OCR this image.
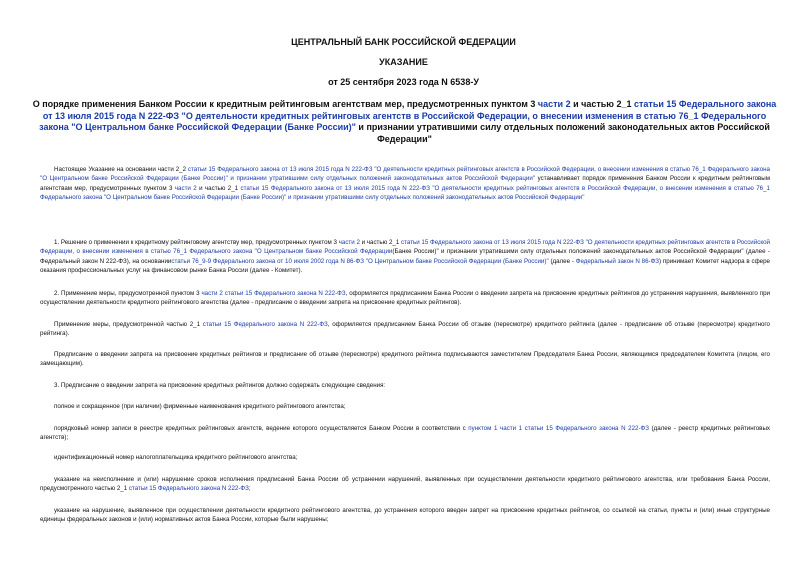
ЦЕНТРАЛЬНЫЙ БАНК РОССИЙСКОЙ ФЕДЕРАЦИИ
УКАЗАНИЕ
от 25 сентября 2023 года N 6538-У
О порядке применения Банком России к кредитным рейтинговым агентствам мер, предусмотренных пунктом 3 части 2 и частью 2_1 статьи 15 Федерального закона от 13 июля 2015 года N 222-ФЗ "О деятельности кредитных рейтинговых агентств в Российской Федерации, о внесении изменения в статью 76_1 Федерального закона "О Центральном банке Российской Федерации (Банке России)" и признании утратившими силу отдельных положений законодательных актов Российской Федерации"

Настоящее Указание на основании части 2_2 статьи 15 Федерального закона от 13 июля 2015 года N 222-ФЗ "О деятельности кредитных рейтинговых агентств в Российской Федерации, о внесении изменения в статью 76_1 Федерального закона "О Центральном банке Российской Федерации (Банке России)" и признании утратившими силу отдельных положений законодательных актов Российской Федерации" устанавливает порядок применения Банком России к кредитным рейтинговым агентствам мер, предусмотренных пунктом 3 части 2 и частью 2_1 статьи 15 Федерального закона от 13 июля 2015 года N 222-ФЗ "О деятельности кредитных рейтинговых агентств в Российской Федерации, о внесении изменения в статью 76_1 Федерального закона "О Центральном банке Российской Федерации (Банке России)" и признании утратившими силу отдельных положений законодательных актов Российской Федерации"

1. Решение о применении к кредитному рейтинговому агентству мер, предусмотренных пунктом 3 части 2 и частью 2_1 статьи 15 Федерального закона от 13 июля 2015 года N 222-ФЗ "О деятельности кредитных рейтинговых агентств в Российской Федерации, о внесении изменения в статью 76_1 Федерального закона "О Центральном банке Российской Федерации(Банке России)" и признании утратившими силу отдельных положений законодательных актов Российской Федерации" (далее - Федеральный закон N 222-ФЗ), на основаниистатьи 76_9-9 Федерального закона от 10 июля 2002 года N 86-ФЗ "О Центральном банке Российской Федерации (Банке России)" (далее - Федеральный закон N 86-ФЗ) принимает Комитет надзора в сфере оказания профессиональных услуг на финансовом рынке Банка России (далее - Комитет).

2. Применение меры, предусмотренной пунктом 3 части 2 статьи 15 Федерального закона N 222-ФЗ, оформляется предписанием Банка России о введении запрета на присвоение кредитных рейтингов до устранения нарушения, выявленного при осуществлении деятельности кредитного рейтингового агентства (далее - предписание о введении запрета на присвоение кредитных рейтингов).

Применение меры, предусмотренной частью 2_1 статьи 15 Федерального закона N 222-ФЗ, оформляется предписанием Банка России об отзыве (пересмотре) кредитного рейтинга (далее - предписание об отзыве (пересмотре) кредитного рейтинга).

Предписание о введении запрета на присвоение кредитных рейтингов и предписание об отзыве (пересмотре) кредитного рейтинга подписываются заместителем Председателя Банка России, являющимся председателем Комитета (лицом, его замещающим).

3. Предписание о введении запрета на присвоение кредитных рейтингов должно содержать следующие сведения:

полное и сокращенное (при наличии) фирменные наименования кредитного рейтингового агентства;

порядковый номер записи в реестре кредитных рейтинговых агентств, ведение которого осуществляется Банком России в соответствии с пунктом 1 части 1 статьи 15 Федерального закона N 222-ФЗ (далее - реестр кредитных рейтинговых агентств);

идентификационный номер налогоплательщика кредитного рейтингового агентства;

указание на неисполнение и (или) нарушение сроков исполнения предписаний Банка России об устранении нарушений, выявленных при осуществлении деятельности кредитного рейтингового агентства, или требования Банка России, предусмотренного частью 2_1 статьи 15 Федерального закона N 222-ФЗ;

указание на нарушение, выявленное при осуществлении деятельности кредитного рейтингового агентства, до устранения которого введен запрет на присвоение кредитных рейтингов, со ссылкой на статьи, пункты и (или) иные структурные единицы федеральных законов и (или) нормативных актов Банка России, которые были нарушены;
